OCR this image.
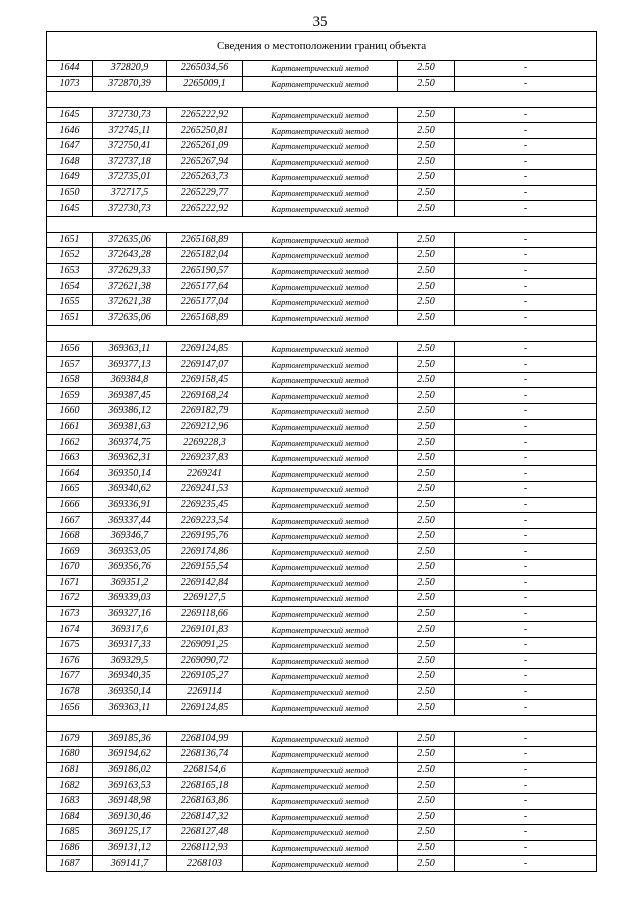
35
Сведения о местоположении границ объекта					
1644	372820,9	2265034,56	Картометрический метод	2.50	-
1073	372870,39	2265009,1	Картометрический метод	2.50	-

1645	372730,73	2265222,92	Картометрический метод	2.50	-
1646	372745,11	2265250,81	Картометрический метод	2.50	-
1647	372750,41	2265261,09	Картометрический метод	2.50	-
1648	372737,18	2265267,94	Картометрический метод	2.50	-
1649	372735,01	2265263,73	Картометрический метод	2.50	-
1650	372717,5	2265229,77	Картометрический метод	2.50	-
1645	372730,73	2265222,92	Картометрический метод	2.50	-

1651	372635,06	2265168,89	Картометрический метод	2.50	-
1652	372643,28	2265182,04	Картометрический метод	2.50	-
1653	372629,33	2265190,57	Картометрический метод	2.50	-
1654	372621,38	2265177,64	Картометрический метод	2.50	-
1655	372621,38	2265177,04	Картометрический метод	2.50	-
1651	372635,06	2265168,89	Картометрический метод	2.50	-

1656	369363,11	2269124,85	Картометрический метод	2.50	-
1657	369377,13	2269147,07	Картометрический метод	2.50	-
1658	369384,8	2269158,45	Картометрический метод	2.50	-
1659	369387,45	2269168,24	Картометрический метод	2.50	-
1660	369386,12	2269182,79	Картометрический метод	2.50	-
1661	369381,63	2269212,96	Картометрический метод	2.50	-
1662	369374,75	2269228,3	Картометрический метод	2.50	-
1663	369362,31	2269237,83	Картометрический метод	2.50	-
1664	369350,14	2269241	Картометрический метод	2.50	-
1665	369340,62	2269241,53	Картометрический метод	2.50	-
1666	369336,91	2269235,45	Картометрический метод	2.50	-
1667	369337,44	2269223,54	Картометрический метод	2.50	-
1668	369346,7	2269195,76	Картометрический метод	2.50	-
1669	369353,05	2269174,86	Картометрический метод	2.50	-
1670	369356,76	2269155,54	Картометрический метод	2.50	-
1671	369351,2	2269142,84	Картометрический метод	2.50	-
1672	369339,03	2269127,5	Картометрический метод	2.50	-
1673	369327,16	2269118,66	Картометрический метод	2.50	-
1674	369317,6	2269101,83	Картометрический метод	2.50	-
1675	369317,33	2269091,25	Картометрический метод	2.50	-
1676	369329,5	2269090,72	Картометрический метод	2.50	-
1677	369340,35	2269105,27	Картометрический метод	2.50	-
1678	369350,14	2269114	Картометрический метод	2.50	-
1656	369363,11	2269124,85	Картометрический метод	2.50	-

1679	369185,36	2268104,99	Картометрический метод	2.50	-
1680	369194,62	2268136,74	Картометрический метод	2.50	-
1681	369186,02	2268154,6	Картометрический метод	2.50	-
1682	369163,53	2268165,18	Картометрический метод	2.50	-
1683	369148,98	2268163,86	Картометрический метод	2.50	-
1684	369130,46	2268147,32	Картометрический метод	2.50	-
1685	369125,17	2268127,48	Картометрический метод	2.50	-
1686	369131,12	2268112,93	Картометрический метод	2.50	-
1687	369141,7	2268103	Картометрический метод	2.50	-
